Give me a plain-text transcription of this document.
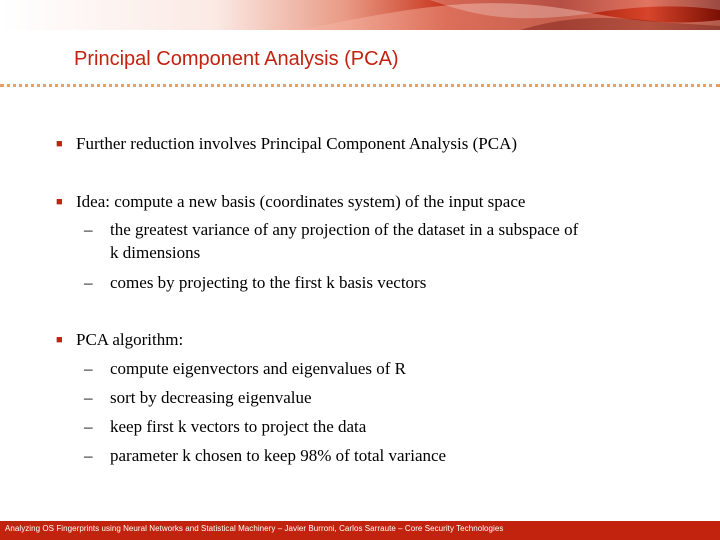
Principal Component Analysis (PCA)
■ Further reduction involves Principal Component Analysis (PCA)
■ Idea: compute a new basis (coordinates system) of the input space
– the greatest variance of any projection of the dataset in a subspace of
k dimensions
– comes by projecting to the first k basis vectors
■ PCA algorithm:
– compute eigenvectors and eigenvalues of R
– sort by decreasing eigenvalue
– keep first k vectors to project the data
– parameter k chosen to keep 98% of total variance
Analyzing OS Fingerprints using Neural Networks and Statistical Machinery – Javier Burroni, Carlos Sarraute – Core Security Technologies
